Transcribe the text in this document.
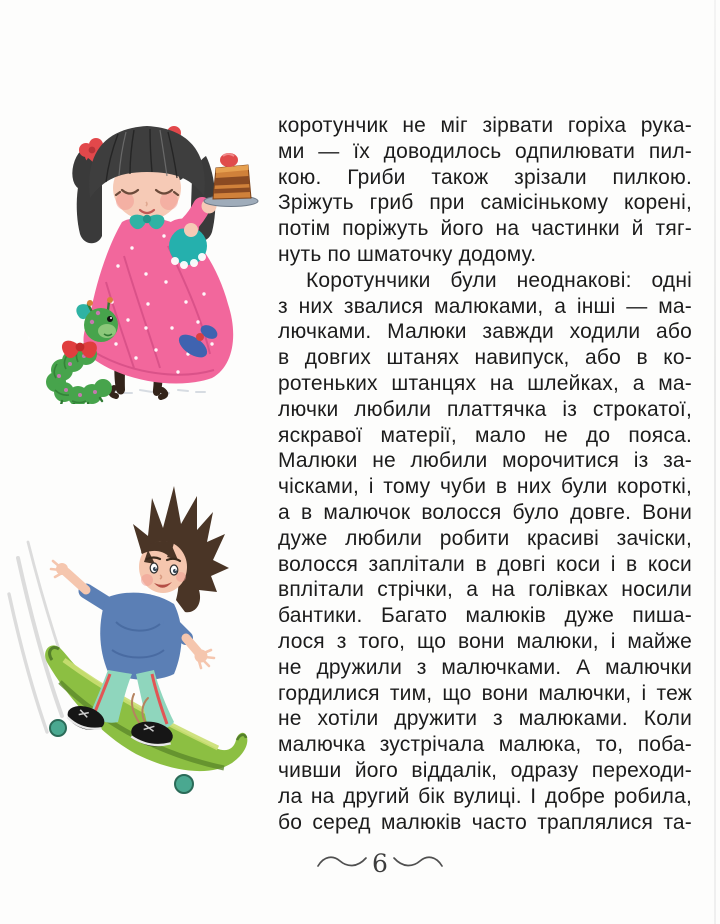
коротунчик не міг зірвати горіха рука-
ми — їх доводилось одпилювати пил-
кою. Гриби також зрізали пилкою.
Зріжуть гриб при самісінькому корені,
потім поріжуть його на частинки й тяг-
нуть по шматочку додому.
Коротунчики були неоднакові: одні
з них звалися малюками, а інші — ма-
лючками. Малюки завжди ходили або
в довгих штанях навипуск, або в ко-
ротеньких штанцях на шлейках, а ма-
лючки любили платтячка із строкатої,
яскравої матерії, мало не до пояса.
Малюки не любили морочитися із за-
чісками, і тому чуби в них були короткі,
а в малючок волосся було довге. Вони
дуже любили робити красиві зачіски,
волосся заплітали в довгі коси і в коси
вплітали стрічки, а на голівках носили
бантики. Багато малюків дуже пиша-
лося з того, що вони малюки, і майже
не дружили з малючками. А малючки
гордилися тим, що вони малючки, і теж
не хотіли дружити з малюками. Коли
малючка зустрічала малюка, то, поба-
чивши його віддалік, одразу переходи-
ла на другий бік вулиці. І добре робила,
бо серед малюків часто траплялися та-
6
